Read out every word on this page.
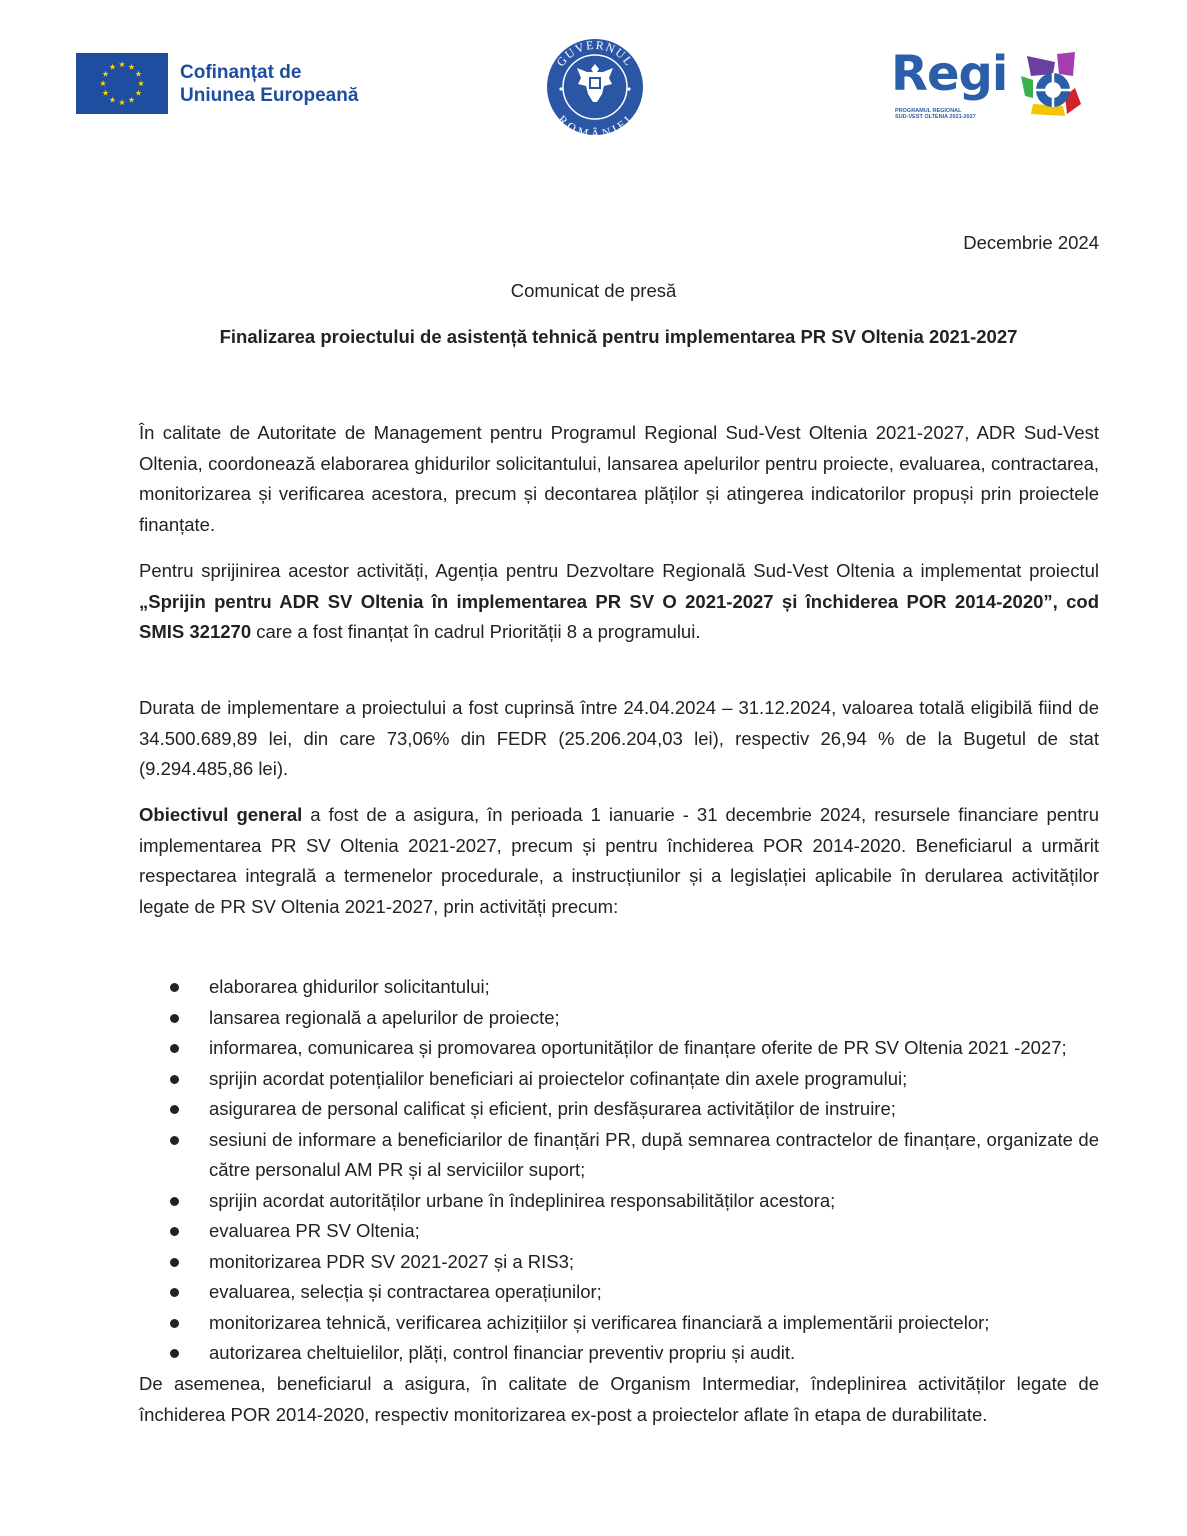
Cofinanțat de
Uniunea Europeană
GUVERNUL
ROMÂNIEI
Regi
PROGRAMUL REGIONAL
SUD-VEST OLTENIA 2021-2027
Decembrie 2024
Comunicat de presă
Finalizarea proiectului de asistență tehnică pentru implementarea PR SV Oltenia 2021-2027

În calitate de Autoritate de Management pentru Programul Regional Sud-Vest Oltenia 2021-2027, ADR Sud-Vest Oltenia, coordonează elaborarea ghidurilor solicitantului, lansarea apelurilor pentru proiecte, evaluarea, contractarea, monitorizarea și verificarea acestora, precum și decontarea plăților și atingerea indicatorilor propuși prin proiectele finanțate.

Pentru sprijinirea acestor activități, Agenția pentru Dezvoltare Regională Sud-Vest Oltenia a implementat proiectul „Sprijin pentru ADR SV Oltenia în implementarea PR SV O 2021-2027 și închiderea POR 2014-2020”, cod SMIS 321270 care a fost finanțat în cadrul Priorității 8 a programului.

Durata de implementare a proiectului a fost cuprinsă între 24.04.2024 – 31.12.2024, valoarea totală eligibilă fiind de 34.500.689,89 lei, din care 73,06% din FEDR (25.206.204,03 lei), respectiv 26,94 % de la Bugetul de stat (9.294.485,86 lei).

Obiectivul general a fost de a asigura, în perioada 1 ianuarie - 31 decembrie 2024, resursele financiare pentru implementarea PR SV Oltenia 2021-2027, precum și pentru închiderea POR 2014-2020. Beneficiarul a urmărit respectarea integrală a termenelor procedurale, a instrucțiunilor și a legislației aplicabile în derularea activităților legate de PR SV Oltenia 2021-2027, prin activități precum:

elaborarea ghidurilor solicitantului;
lansarea regională a apelurilor de proiecte;
informarea, comunicarea și promovarea oportunităților de finanțare oferite de PR SV Oltenia 2021 -2027;
sprijin acordat potențialilor beneficiari ai proiectelor cofinanțate din axele programului;
asigurarea de personal calificat și eficient, prin desfășurarea activităților de instruire;
sesiuni de informare a beneficiarilor de finanțări PR, după semnarea contractelor de finanțare, organizate de către personalul AM PR și al serviciilor suport;
sprijin acordat autorităților urbane în îndeplinirea responsabilităților acestora;
evaluarea PR SV Oltenia;
monitorizarea PDR SV 2021-2027 și a RIS3;
evaluarea, selecția și contractarea operațiunilor;
monitorizarea tehnică, verificarea achizițiilor și verificarea financiară a implementării proiectelor;
autorizarea cheltuielilor, plăți, control financiar preventiv propriu și audit.

De asemenea, beneficiarul a asigura, în calitate de Organism Intermediar, îndeplinirea activităților legate de închiderea POR 2014-2020, respectiv monitorizarea ex-post a proiectelor aflate în etapa de durabilitate.
